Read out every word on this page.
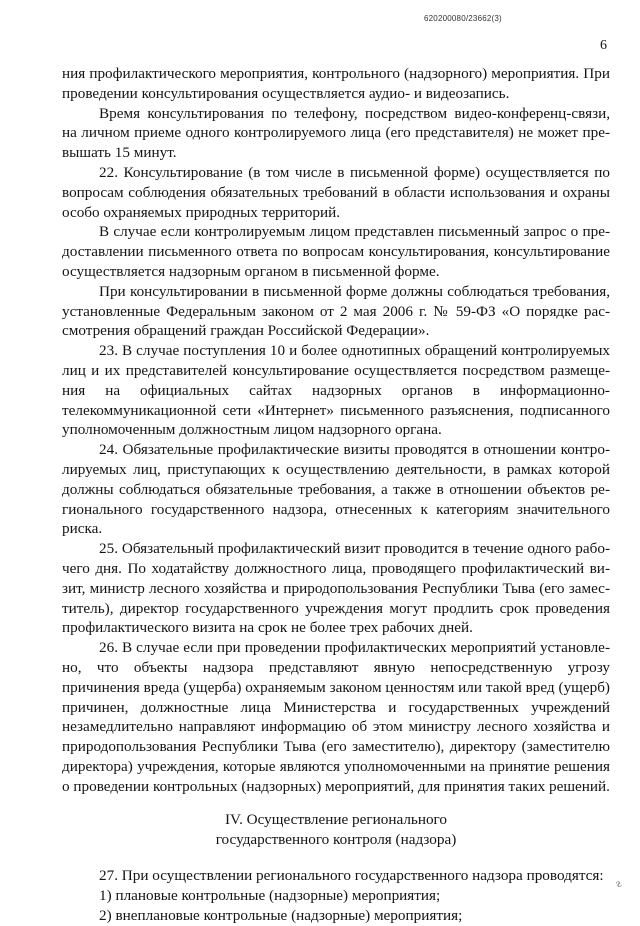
620200080/23662(3)
6

ния профилактического мероприятия, контрольного (надзорного) мероприятия. При проведении консультирования осуществляется аудио- и видеозапись.

Время консультирования по телефону, посредством видео-конференц-связи, на личном приеме одного контролируемого лица (его представителя) не может превышать 15 минут.

22. Консультирование (в том числе в письменной форме) осуществляется по вопросам соблюдения обязательных требований в области использования и охраны особо охраняемых природных территорий.

В случае если контролируемым лицом представлен письменный запрос о предоставлении письменного ответа по вопросам консультирования, консультирование осуществляется надзорным органом в письменной форме.

При консультировании в письменной форме должны соблюдаться требования, установленные Федеральным законом от 2 мая 2006 г. № 59-ФЗ «О порядке рассмотрения обращений граждан Российской Федерации».

23. В случае поступления 10 и более однотипных обращений контролируемых лиц и их представителей консультирование осуществляется посредством размещения на официальных сайтах надзорных органов в информационно-телекоммуникационной сети «Интернет» письменного разъяснения, подписанного уполномоченным должностным лицом надзорного органа.

24. Обязательные профилактические визиты проводятся в отношении контролируемых лиц, приступающих к осуществлению деятельности, в рамках которой должны соблюдаться обязательные требования, а также в отношении объектов регионального государственного надзора, отнесенных к категориям значительного риска.

25. Обязательный профилактический визит проводится в течение одного рабочего дня. По ходатайству должностного лица, проводящего профилактический визит, министр лесного хозяйства и природопользования Республики Тыва (его заместитель), директор государственного учреждения могут продлить срок проведения профилактического визита на срок не более трех рабочих дней.

26. В случае если при проведении профилактических мероприятий установлено, что объекты надзора представляют явную непосредственную угрозу причинения вреда (ущерба) охраняемым законом ценностям или такой вред (ущерб) причинен, должностные лица Министерства и государственных учреждений незамедлительно направляют информацию об этом министру лесного хозяйства и природопользования Республики Тыва (его заместителю), директору (заместителю директора) учреждения, которые являются уполномоченными на принятие решения о проведении контрольных (надзорных) мероприятий, для принятия таких решений.

IV. Осуществление регионального
государственного контроля (надзора)

27. При осуществлении регионального государственного надзора проводятся:

1) плановые контрольные (надзорные) мероприятия;

2) внеплановые контрольные (надзорные) мероприятия;

ƨ
